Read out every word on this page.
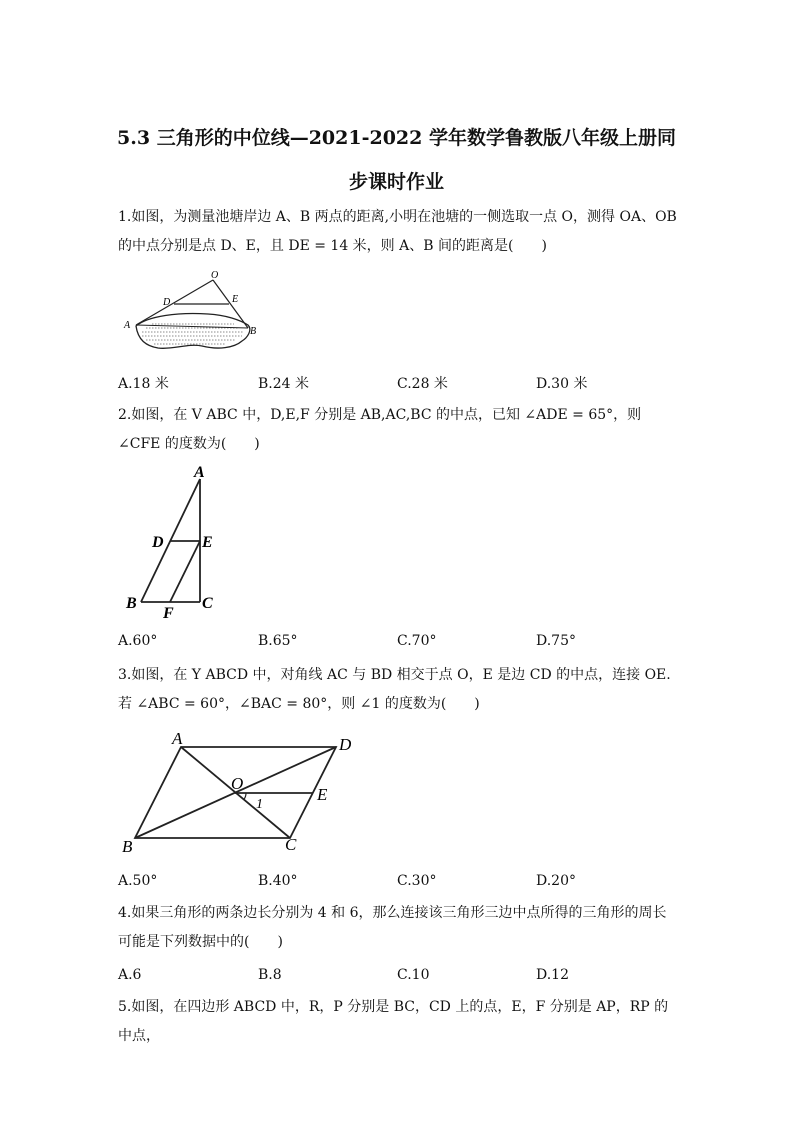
5.3 三角形的中位线—2021-2022 学年数学鲁教版八年级上册同
步课时作业
1.如图，为测量池塘岸边 A、B 两点的距离,小明在池塘的一侧选取一点 O，测得 OA、OB 的中点分别是点 D、E，且 DE = 14 米，则 A、B 间的距离是(　　)
O
D	E
A
B
A.18 米	B.24 米	C.28 米	D.30 米
2.如图，在 V ABC 中，D,E,F 分别是 AB,AC,BC 的中点，已知 ∠ADE = 65°，则 ∠CFE 的度数为(　　)
A
D E
B
F
C
A.60°	B.65°	C.70°	D.75°
3.如图，在 Y ABCD 中，对角线 AC 与 BD 相交于点 O，E 是边 CD 的中点，连接 OE.若 ∠ABC = 60°，∠BAC = 80°，则 ∠1 的度数为(　　)
A	D
O
E
1
B	C
A.50°	B.40°	C.30°	D.20°
4.如果三角形的两条边长分别为 4 和 6，那么连接该三角形三边中点所得的三角形的周长可能是下列数据中的(　　)
A.6	B.8	C.10	D.12
5.如图，在四边形 ABCD 中，R，P 分别是 BC，CD 上的点，E，F 分别是 AP，RP 的中点，
